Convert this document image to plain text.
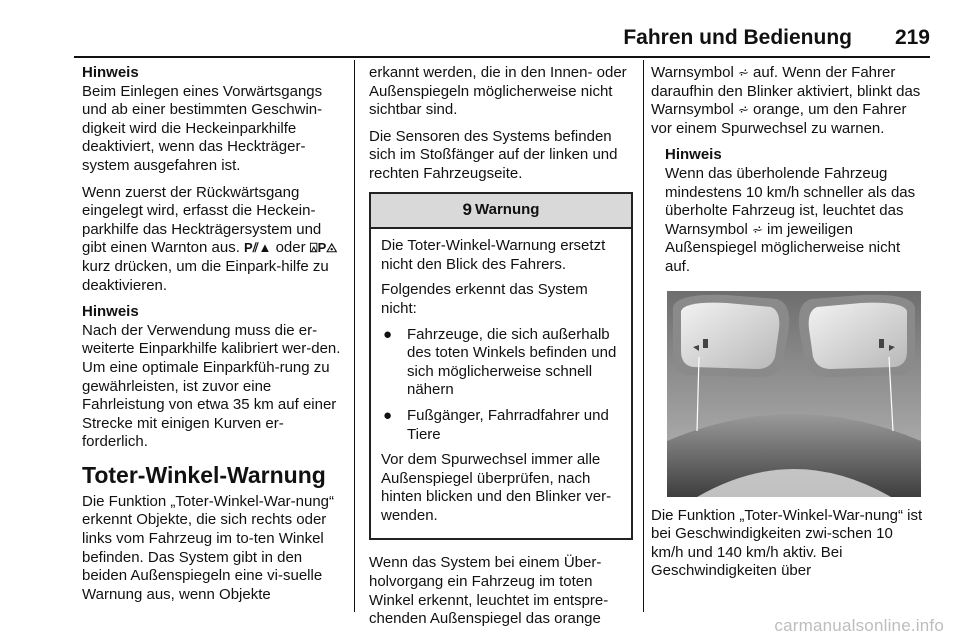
Fahren und Bedienung 219

Hinweis
Beim Einlegen eines Vorwärtsgangs und ab einer bestimmten Geschwin-digkeit wird die Heckeinparkhilfe deaktiviert, wenn das Heckträger-system ausgefahren ist.

Wenn zuerst der Rückwärtsgang eingelegt wird, erfasst die Heckein-parkhilfe das Heckträgersystem und gibt einen Warnton aus. P⫽▲ oder ⍓P◬ kurz drücken, um die Einpark-hilfe zu deaktivieren.

Hinweis
Nach der Verwendung muss die er-weiterte Einparkhilfe kalibriert wer-den. Um eine optimale Einparkfüh-rung zu gewährleisten, ist zuvor eine Fahrleistung von etwa 35 km auf einer Strecke mit einigen Kurven er-forderlich.

Toter-Winkel-Warnung

Die Funktion „Toter-Winkel-War-nung“ erkennt Objekte, die sich rechts oder links vom Fahrzeug im to-ten Winkel befinden. Das System gibt in den beiden Außenspiegeln eine vi-suelle Warnung aus, wenn Objekte

erkannt werden, die in den Innen- oder Außenspiegeln möglicherweise nicht sichtbar sind.

Die Sensoren des Systems befinden sich im Stoßfänger auf der linken und rechten Fahrzeugseite.

9 Warnung

Die Toter-Winkel-Warnung ersetzt nicht den Blick des Fahrers.

Folgendes erkennt das System nicht:

● Fahrzeuge, die sich außerhalb des toten Winkels befinden und sich möglicherweise schnell nähern
● Fußgänger, Fahrradfahrer und Tiere

Vor dem Spurwechsel immer alle Außenspiegel überprüfen, nach hinten blicken und den Blinker ver-wenden.

Wenn das System bei einem Über-holvorgang ein Fahrzeug im toten Winkel erkennt, leuchtet im entspre-chenden Außenspiegel das orange

Warnsymbol ⩫ auf. Wenn der Fahrer daraufhin den Blinker aktiviert, blinkt das Warnsymbol ⩫ orange, um den Fahrer vor einem Spurwechsel zu warnen.

Hinweis
Wenn das überholende Fahrzeug mindestens 10 km/h schneller als das überholte Fahrzeug ist, leuchtet das Warnsymbol ⩫ im jeweiligen Außenspiegel möglicherweise nicht auf.

Die Funktion „Toter-Winkel-War-nung“ ist bei Geschwindigkeiten zwi-schen 10 km/h und 140 km/h aktiv. Bei Geschwindigkeiten über

carmanualsonline.info
